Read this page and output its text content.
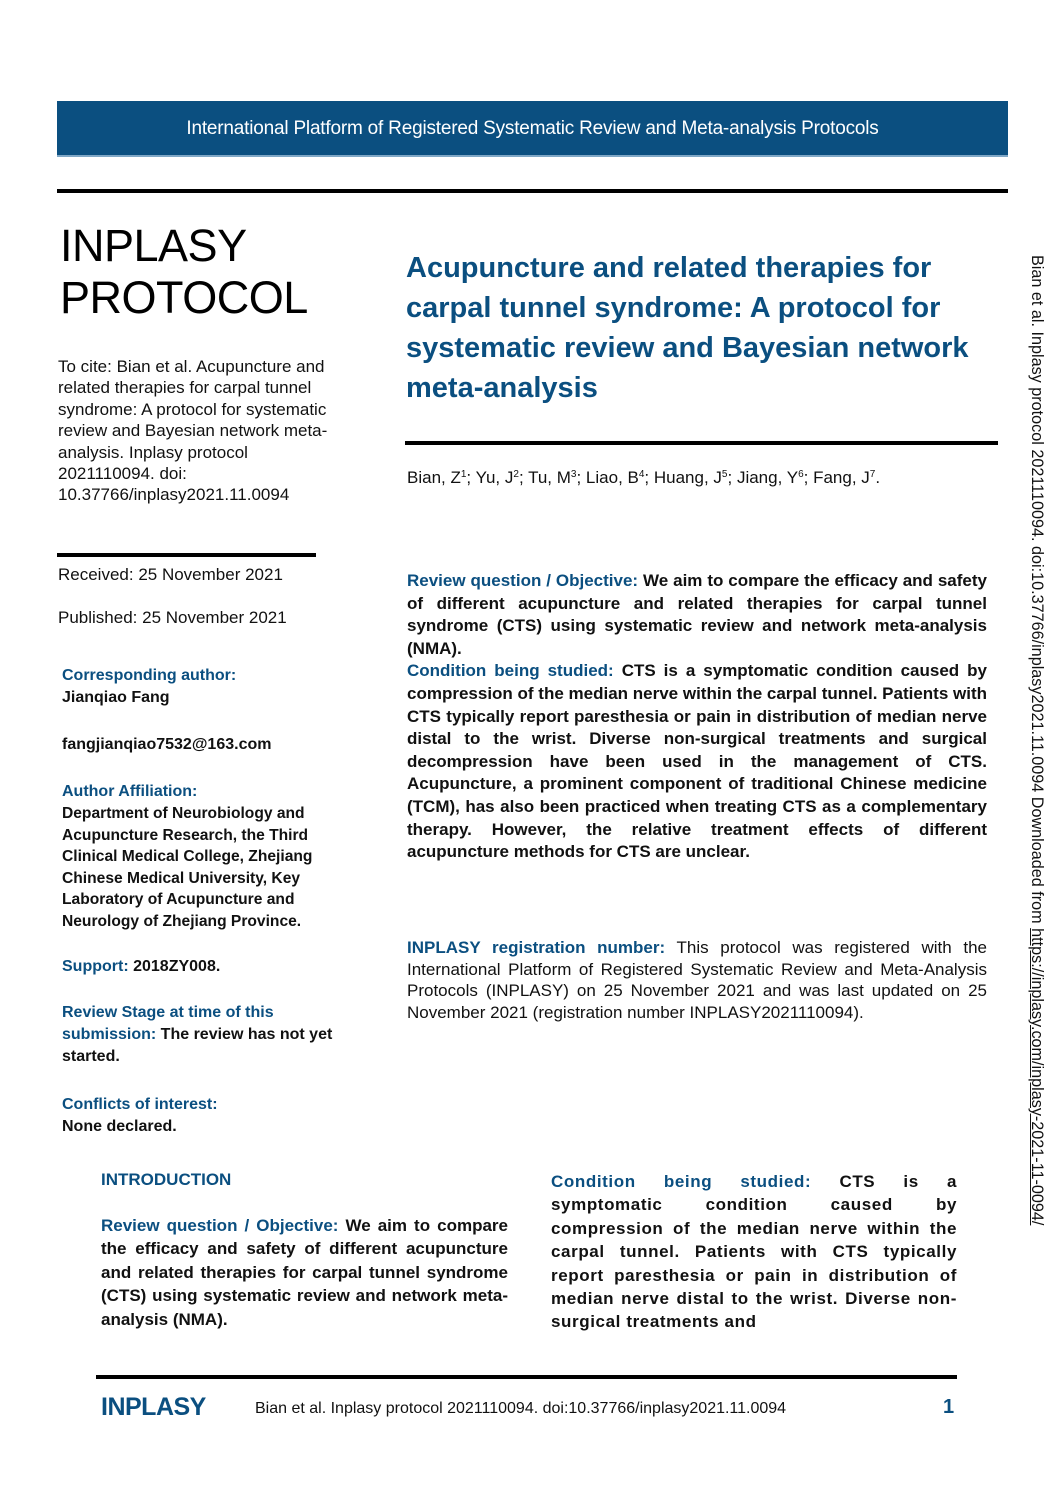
International Platform of Registered Systematic Review and Meta-analysis Protocols
INPLASY
PROTOCOL
To cite: Bian et al. Acupuncture and related therapies for carpal tunnel syndrome: A protocol for systematic review and Bayesian network meta-analysis. Inplasy protocol 2021110094. doi: 10.37766/inplasy2021.11.0094
Received: 25 November 2021
Published: 25 November 2021
Corresponding author:
Jianqiao Fang
fangjianqiao7532@163.com
Author Affiliation:
Department of Neurobiology and Acupuncture Research, the Third Clinical Medical College, Zhejiang Chinese Medical University, Key Laboratory of Acupuncture and Neurology of Zhejiang Province.
Support: 2018ZY008.
Review Stage at time of this submission: The review has not yet started.
Conflicts of interest:
None declared.
Acupuncture and related therapies for carpal tunnel syndrome: A protocol for systematic review and Bayesian network meta-analysis
Bian, $Z^1$; Yu, $J^2$; Tu, $M^3$; Liao, $B^4$; Huang, $J^5$; Jiang, $Y^6$; Fang, $J^7$.
Review question / Objective: We aim to compare the efficacy and safety of different acupuncture and related therapies for carpal tunnel syndrome (CTS) using systematic review and network meta-analysis (NMA).
Condition being studied: CTS is a symptomatic condition caused by compression of the median nerve within the carpal tunnel. Patients with CTS typically report paresthesia or pain in distribution of median nerve distal to the wrist. Diverse non-surgical treatments and surgical decompression have been used in the management of CTS. Acupuncture, a prominent component of traditional Chinese medicine (TCM), has also been practiced when treating CTS as a complementary therapy. However, the relative treatment effects of different acupuncture methods for CTS are unclear.
INPLASY registration number: This protocol was registered with the International Platform of Registered Systematic Review and Meta-Analysis Protocols (INPLASY) on 25 November 2021 and was last updated on 25 November 2021 (registration number INPLASY2021110094).
INTRODUCTION
Review question / Objective: We aim to compare the efficacy and safety of different acupuncture and related therapies for carpal tunnel syndrome (CTS) using systematic review and network meta-analysis (NMA).
Condition being studied: CTS is a symptomatic condition caused by compression of the median nerve within the carpal tunnel. Patients with CTS typically report paresthesia or pain in distribution of median nerve distal to the wrist. Diverse non-surgical treatments and
INPLASY	Bian et al. Inplasy protocol 2021110094. doi:10.37766/inplasy2021.11.0094	1
Bian et al. Inplasy protocol 2021110094. doi:10.37766/inplasy2021.11.0094 Downloaded from https://inplasy.com/inplasy-2021-11-0094/
